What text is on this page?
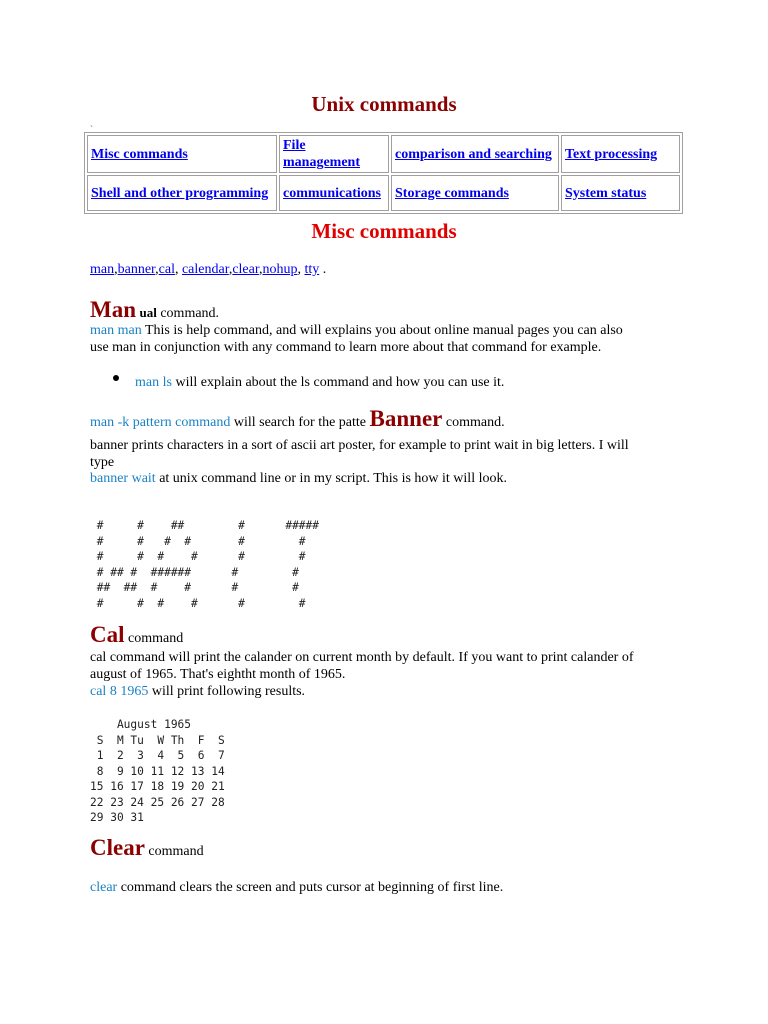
Unix commands
`
Misc commands	File management	comparison and searching	Text processing
Shell and other programming	communications	Storage commands	System status
Misc commands
man,banner,cal, calendar,clear,nohup, tty .
Man ual command.
man man This is help command, and will explains you about online manual pages you can also
use man in conjunction with any command to learn more about that command for example.
man ls will explain about the ls command and how you can use it.
man -k pattern command will search for the patte Banner command.
banner prints characters in a sort of ascii art poster, for example to print wait in big letters. I will
type
banner wait at unix command line or in my script. This is how it will look.
#     #    ##        #      #####
#     #   #  #       #        #
#     #  #    #      #        #
# ## #  ######      #        #
##  ##  #    #      #        #
#     #  #    #      #        #
Cal command
cal command will print the calander on current month by default. If you want to print calander of
august of 1965. That's eightht month of 1965.
cal 8 1965 will print following results.
August 1965
S  M Tu  W Th  F  S
1  2  3  4  5  6  7
8  9 10 11 12 13 14
15 16 17 18 19 20 21
22 23 24 25 26 27 28
29 30 31
Clear command
clear command clears the screen and puts cursor at beginning of first line.
